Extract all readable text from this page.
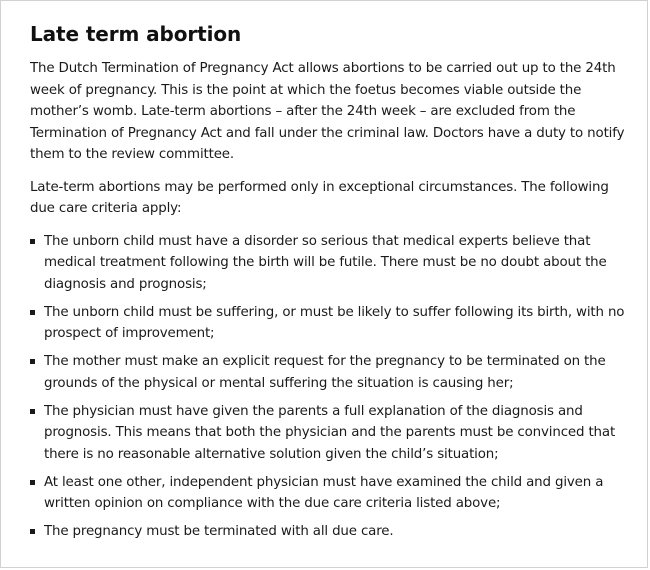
Late term abortion

The Dutch Termination of Pregnancy Act allows abortions to be carried out up to the 24th week of pregnancy. This is the point at which the foetus becomes viable outside the mother’s womb. Late-term abortions – after the 24th week – are excluded from the Termination of Pregnancy Act and fall under the criminal law. Doctors have a duty to notify them to the review committee.

Late-term abortions may be performed only in exceptional circumstances. The following due care criteria apply:

The unborn child must have a disorder so serious that medical experts believe that medical treatment following the birth will be futile. There must be no doubt about the diagnosis and prognosis;
The unborn child must be suffering, or must be likely to suffer following its birth, with no prospect of improvement;
The mother must make an explicit request for the pregnancy to be terminated on the grounds of the physical or mental suffering the situation is causing her;
The physician must have given the parents a full explanation of the diagnosis and prognosis. This means that both the physician and the parents must be convinced that there is no reasonable alternative solution given the child’s situation;
At least one other, independent physician must have examined the child and given a written opinion on compliance with the due care criteria listed above;
The pregnancy must be terminated with all due care.
